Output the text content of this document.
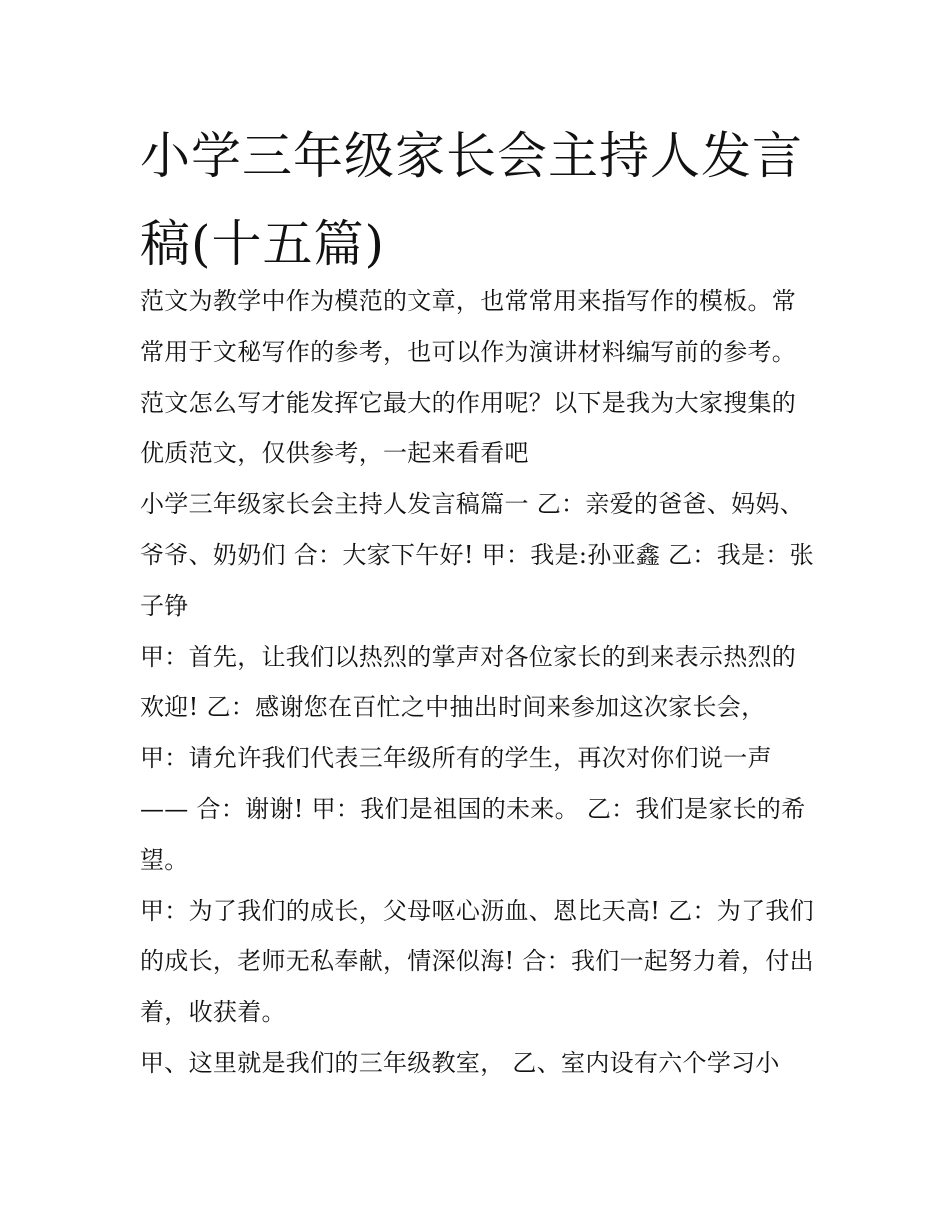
小学三年级家长会主持人发言稿(十五篇)

范文为教学中作为模范的文章，也常常用来指写作的模板。常常用于文秘写作的参考，也可以作为演讲材料编写前的参考。范文怎么写才能发挥它最大的作用呢？以下是我为大家搜集的优质范文，仅供参考，一起来看看吧

小学三年级家长会主持人发言稿篇一 乙：亲爱的爸爸、妈妈、爷爷、奶奶们 合：大家下午好! 甲：我是:孙亚鑫 乙：我是：张子铮

甲：首先，让我们以热烈的掌声对各位家长的到来表示热烈的欢迎! 乙：感谢您在百忙之中抽出时间来参加这次家长会，

甲：请允许我们代表三年级所有的学生，再次对你们说一声—— 合：谢谢! 甲：我们是祖国的未来。 乙：我们是家长的希望。

甲：为了我们的成长，父母呕心沥血、恩比天高! 乙：为了我们的成长，老师无私奉献，情深似海! 合：我们一起努力着，付出着，收获着。

甲、这里就是我们的三年级教室， 乙、室内设有六个学习小
